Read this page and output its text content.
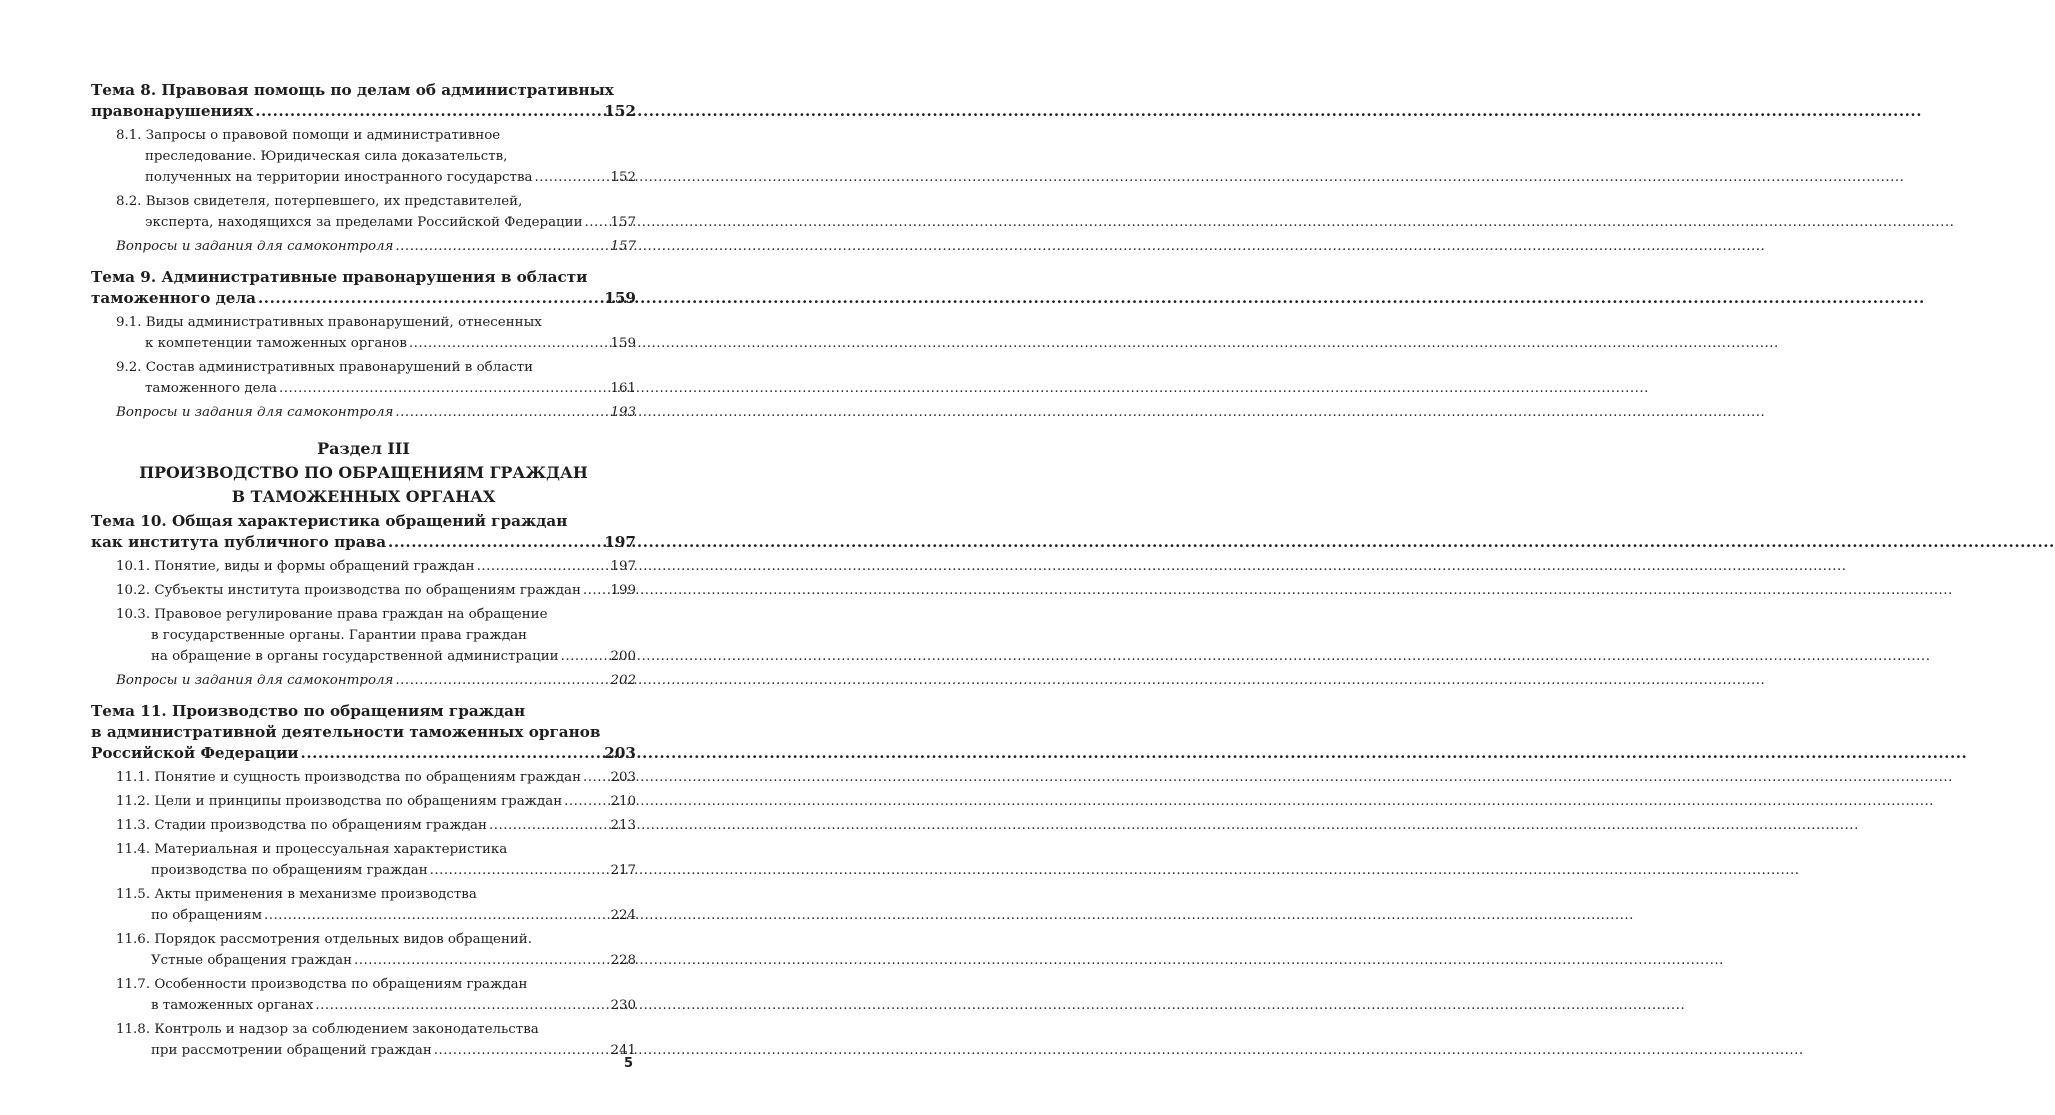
Тема 8. Правовая помощь по делам об административных
правонарушениях .....	152
8.1. Запросы о правовой помощи и административное
преследование. Юридическая сила доказательств,
полученных на территории иностранного государства .....	152
8.2. Вызов свидетеля, потерпевшего, их представителей,
эксперта, находящихся за пределами Российской Федерации ..... 157
Вопросы и задания для самоконтроля .....	157
Тема 9. Административные правонарушения в области
таможенного дела .....	159
9.1. Виды административных правонарушений, отнесенных
к компетенции таможенных органов .....	159
9.2. Состав административных правонарушений в области
таможенного дела .....	161
Вопросы и задания для самоконтроля .....	193
Раздел III
ПРОИЗВОДСТВО ПО ОБРАЩЕНИЯМ ГРАЖДАН
В ТАМОЖЕННЫХ ОРГАНАХ
Тема 10. Общая характеристика обращений граждан
как института публичного права .....	197
10.1. Понятие, виды и формы обращений граждан .....	197
10.2. Субъекты института производства по обращениям граждан ..... 199
10.3. Правовое регулирование права граждан на обращение
в государственные органы. Гарантии права граждан
на обращение в органы государственной администрации .....	200
Вопросы и задания для самоконтроля .....	202
Тема 11. Производство по обращениям граждан
в административной деятельности таможенных органов
Российской Федерации .....	203
11.1. Понятие и сущность производства по обращениям граждан ..... 203
11.2. Цели и принципы производства по обращениям граждан .....	210
11.3. Стадии производства по обращениям граждан .....	213
11.4. Материальная и процессуальная характеристика
производства по обращениям граждан .....	217
11.5. Акты применения в механизме производства
по обращениям .....	224
11.6. Порядок рассмотрения отдельных видов обращений.
Устные обращения граждан .....	228
11.7. Особенности производства по обращениям граждан
в таможенных органах .....	230
11.8. Контроль и надзор за соблюдением законодательства
при рассмотрении обращений граждан .....	241
5
